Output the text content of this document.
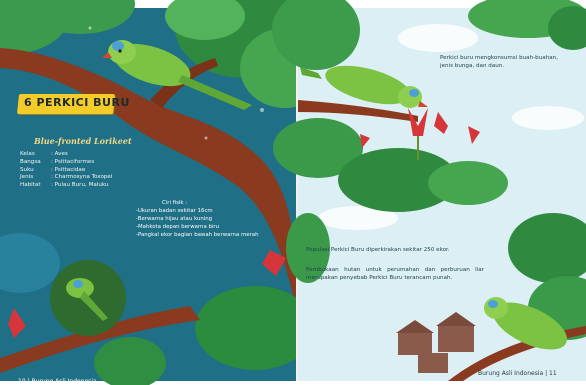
6 PERKICI BURU
Blue-fronted Lorikeet
Kelas	: Aves
Bangsa	: Psittaciformes
Suku	: Psittacidae
Jenis	: Charmosyna Toxopei
Habitat	: Pulau Buru, Maluku
Ciri fisik :
-Ukuran badan sekitar 16cm
-Berwarna hijau atau kuning
-Mahkota depan berwarna biru
-Pangkal ekor bagian bawah berwarna merah
10 | Burung Asli Indonesia
Perkici buru mengkonsumsi buah-buahan, jenis bunga, dan daun.
Populasi Perkici Buru diperkirakan sekitar 250 ekor.
Pembukaan hutan untuk perumahan dan perburuan liar merupakan penyebab Perkici Buru terancam punah.
Burung Asli Indonesia | 11
